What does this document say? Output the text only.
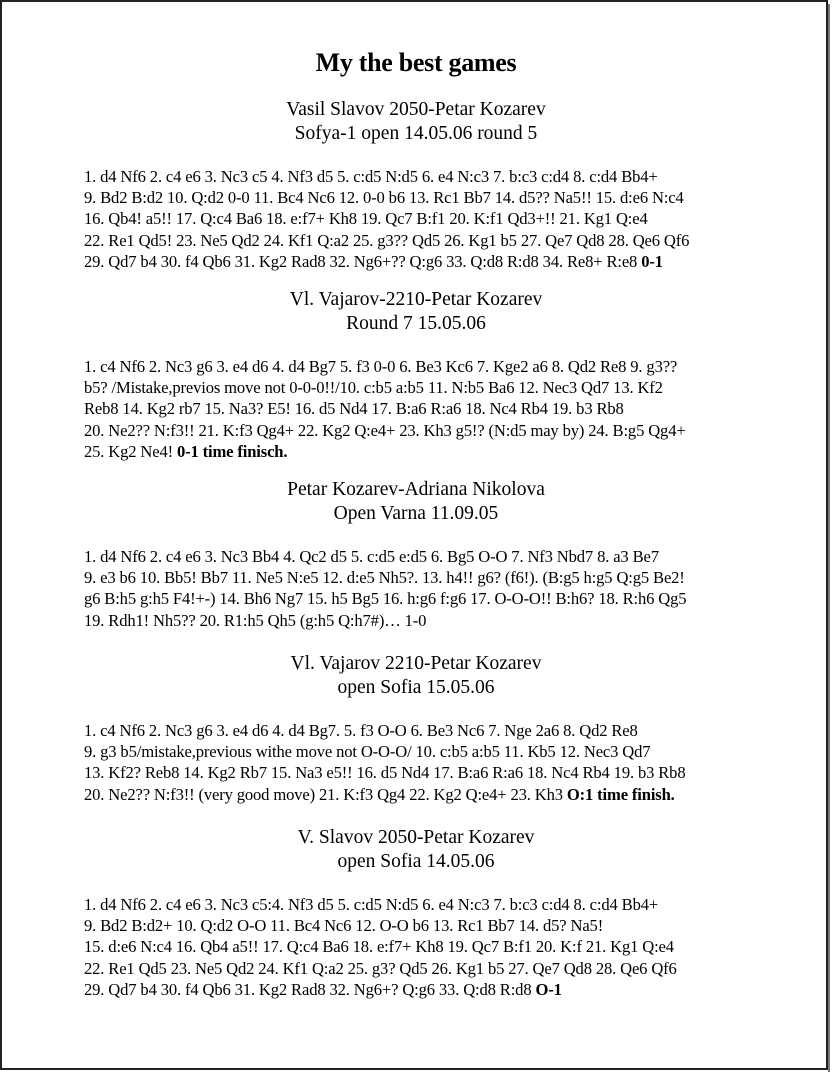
My the best games
Vasil Slavov 2050-Petar Kozarev
Sofya-1 open 14.05.06 round 5

1. d4 Nf6 2. c4 e6 3. Nc3 c5 4. Nf3 d5 5. c:d5 N:d5 6. e4 N:c3 7. b:c3 c:d4 8. c:d4 Bb4+
9. Bd2 B:d2 10. Q:d2 0-0 11. Bc4 Nc6 12. 0-0 b6 13. Rc1 Bb7 14. d5?? Na5!! 15. d:e6 N:c4
16. Qb4! a5!! 17. Q:c4 Ba6 18. e:f7+ Kh8 19. Qc7 B:f1 20. K:f1 Qd3+!! 21. Kg1 Q:e4
22. Re1 Qd5! 23. Ne5 Qd2 24. Kf1 Q:a2 25. g3?? Qd5 26. Kg1 b5 27. Qe7 Qd8 28. Qe6 Qf6
29. Qd7 b4 30. f4 Qb6 31. Kg2 Rad8 32. Ng6+?? Q:g6 33. Q:d8 R:d8 34. Re8+ R:e8 0-1

Vl. Vajarov-2210-Petar Kozarev
Round 7 15.05.06

1. c4 Nf6 2. Nc3 g6 3. e4 d6 4. d4 Bg7 5. f3 0-0 6. Be3 Kc6 7. Kge2 a6 8. Qd2 Re8 9. g3??
b5? /Mistake,previos move not 0-0-0!!/10. c:b5 a:b5 11. N:b5 Ba6 12. Nec3 Qd7 13. Kf2
Reb8 14. Kg2 rb7 15. Na3? E5! 16. d5 Nd4 17. B:a6 R:a6 18. Nc4 Rb4 19. b3 Rb8
20. Ne2?? N:f3!! 21. K:f3 Qg4+ 22. Kg2 Q:e4+ 23. Kh3 g5!? (N:d5 may by) 24. B:g5 Qg4+
25. Kg2 Ne4! 0-1 time finisch.

Petar Kozarev-Adriana Nikolova
Open Varna 11.09.05

1. d4 Nf6 2. c4 e6 3. Nc3 Bb4 4. Qc2 d5 5. c:d5 e:d5 6. Bg5 O-O 7. Nf3 Nbd7 8. a3 Be7
9. e3 b6 10. Bb5! Bb7 11. Ne5 N:e5 12. d:e5 Nh5?. 13. h4!! g6? (f6!). (B:g5 h:g5 Q:g5 Be2!
g6 B:h5 g:h5 F4!+-) 14. Bh6 Ng7 15. h5 Bg5 16. h:g6 f:g6 17. O-O-O!! B:h6? 18. R:h6 Qg5
19. Rdh1! Nh5?? 20. R1:h5 Qh5 (g:h5 Q:h7#)… 1-0

Vl. Vajarov 2210-Petar Kozarev
open Sofia 15.05.06

1. c4 Nf6 2. Nc3 g6 3. e4 d6 4. d4 Bg7. 5. f3 O-O 6. Be3 Nc6 7. Nge 2a6 8. Qd2 Re8
9. g3 b5/mistake,previous withe move not O-O-O/ 10. c:b5 a:b5 11. Kb5 12. Nec3 Qd7
13. Kf2? Reb8 14. Kg2 Rb7 15. Na3 e5!! 16. d5 Nd4 17. B:a6 R:a6 18. Nc4 Rb4 19. b3 Rb8
20. Ne2?? N:f3!! (very good move) 21. K:f3 Qg4 22. Kg2 Q:e4+ 23. Kh3 O:1 time finish.

V. Slavov 2050-Petar Kozarev
open Sofia 14.05.06

1. d4 Nf6 2. c4 e6 3. Nc3 c5:4. Nf3 d5 5. c:d5 N:d5 6. e4 N:c3 7. b:c3 c:d4 8. c:d4 Bb4+
9. Bd2 B:d2+ 10. Q:d2 O-O 11. Bc4 Nc6 12. O-O b6 13. Rc1 Bb7 14. d5? Na5!
15. d:e6 N:c4 16. Qb4 a5!! 17. Q:c4 Ba6 18. e:f7+ Kh8 19. Qc7 B:f1 20. K:f 21. Kg1 Q:e4
22. Re1 Qd5 23. Ne5 Qd2 24. Kf1 Q:a2 25. g3? Qd5 26. Kg1 b5 27. Qe7 Qd8 28. Qe6 Qf6
29. Qd7 b4 30. f4 Qb6 31. Kg2 Rad8 32. Ng6+? Q:g6 33. Q:d8 R:d8 O-1
